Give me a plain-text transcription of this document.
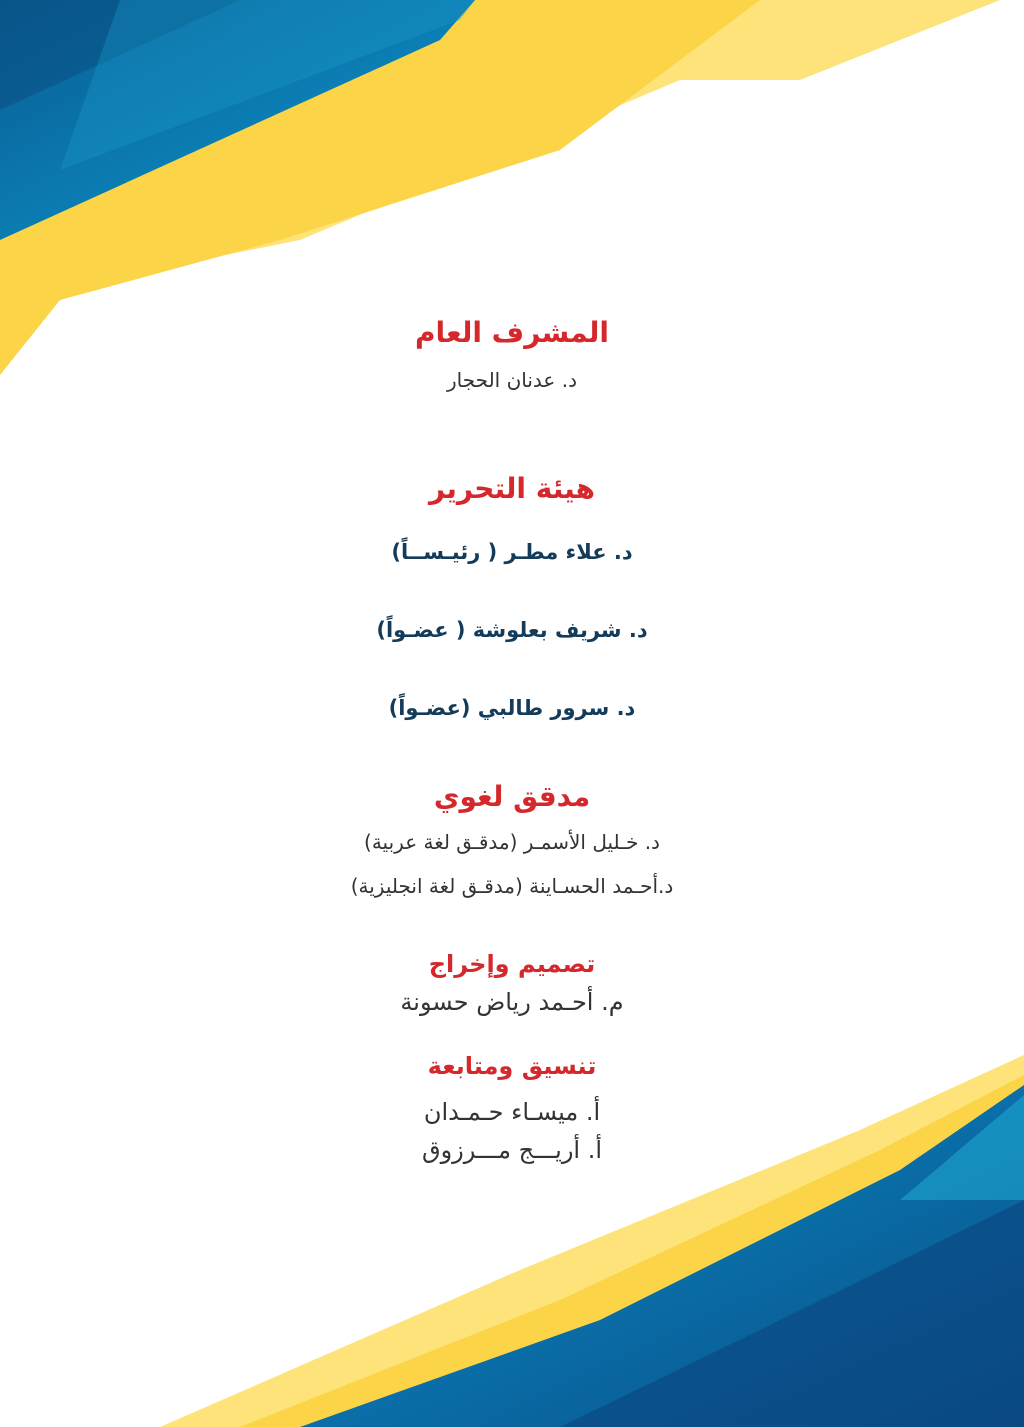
المشرف العام
د. عدنان الحجار
هيئة التحرير
د. علاء مطـر ( رئيـســاً)
د. شريف بعلوشة ( عضـواً)
د. سرور طالبي (عضـواً)
مدقق لغوي
د. خـليل الأسمـر (مدقـق لغة عربية)
د.أحـمد الحسـاينة (مدقـق لغة انجليزية)
تصميم وإخراج
م. أحـمد رياض حسونة
تنسيق ومتابعة
أ. ميسـاء حـمـدان
أ. أريـــج مـــرزوق
